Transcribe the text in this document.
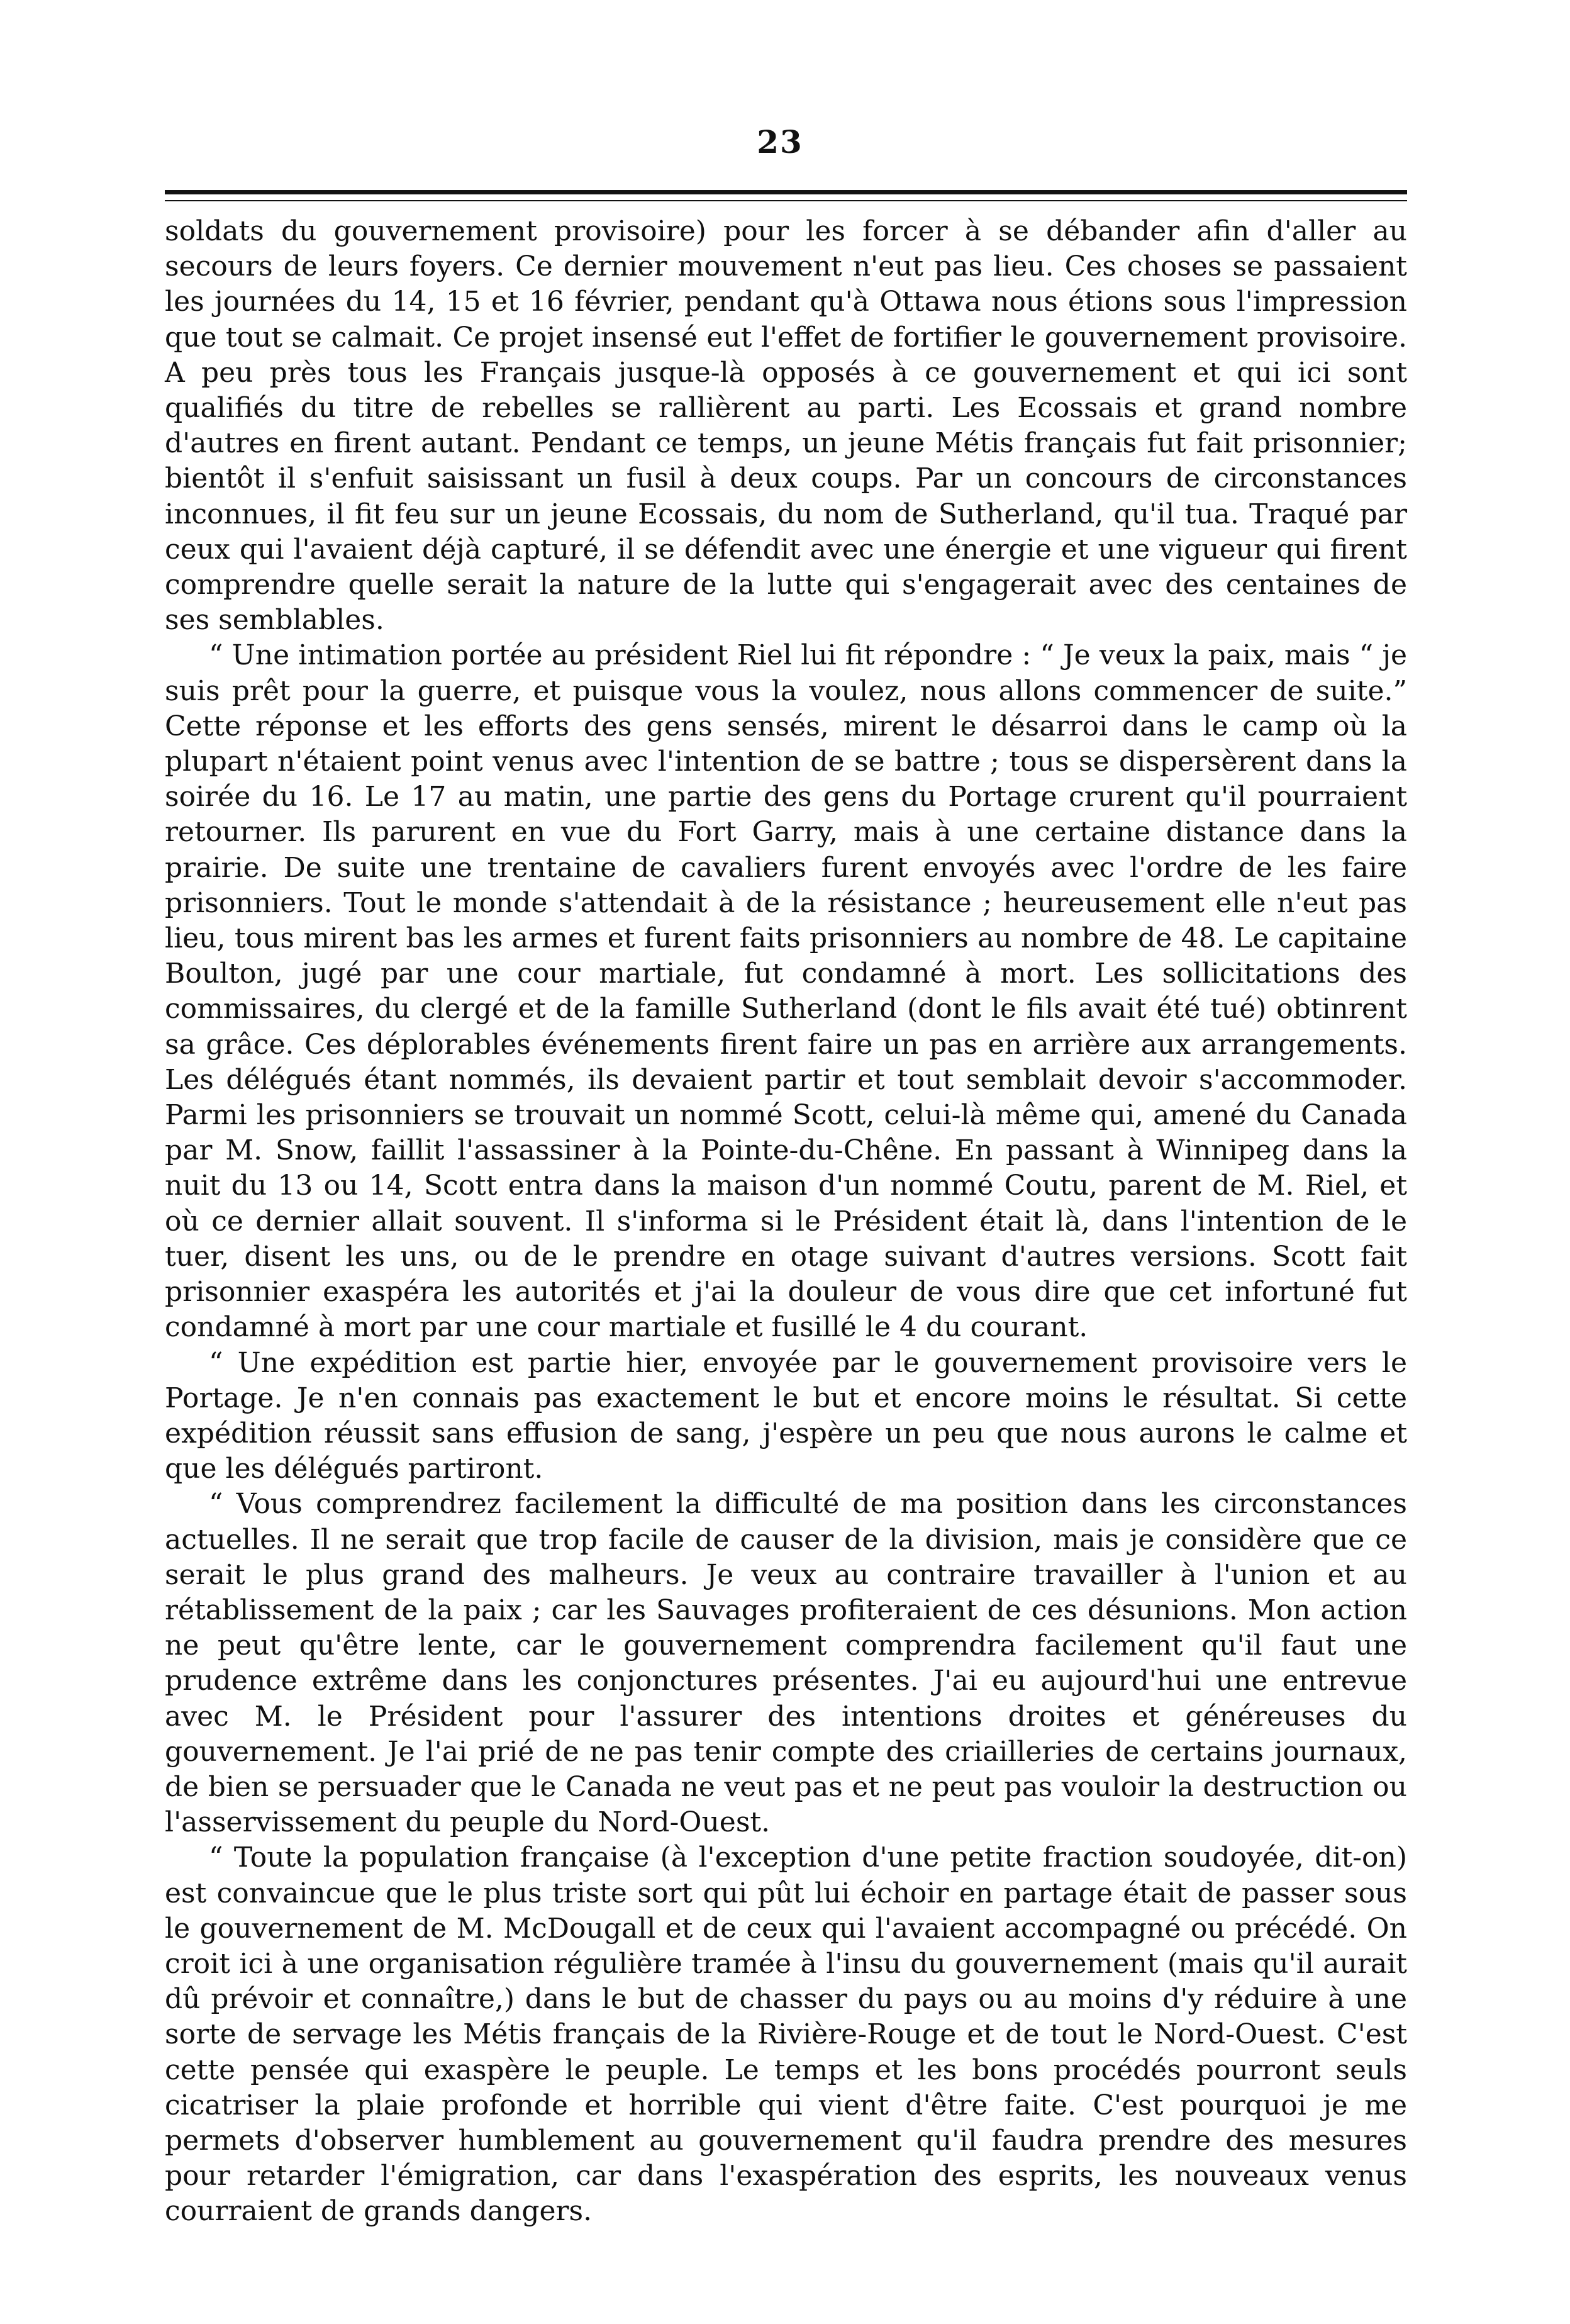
23

soldats du gouvernement provisoire) pour les forcer à se débander afin d'aller au secours de leurs foyers. Ce dernier mouvement n'eut pas lieu. Ces choses se passaient les journées du 14, 15 et 16 février, pendant qu'à Ottawa nous étions sous l'impression que tout se calmait. Ce projet insensé eut l'effet de fortifier le gouvernement provisoire. A peu près tous les Français jusque-là opposés à ce gouvernement et qui ici sont qualifiés du titre de rebelles se rallièrent au parti. Les Ecossais et grand nombre d'autres en firent autant. Pendant ce temps, un jeune Métis français fut fait prisonnier; bientôt il s'enfuit saisissant un fusil à deux coups. Par un concours de circonstances inconnues, il fit feu sur un jeune Ecossais, du nom de Sutherland, qu'il tua. Traqué par ceux qui l'avaient déjà capturé, il se défendit avec une énergie et une vigueur qui firent comprendre quelle serait la nature de la lutte qui s'engagerait avec des centaines de ses semblables.

“ Une intimation portée au président Riel lui fit répondre : “ Je veux la paix, mais “ je suis prêt pour la guerre, et puisque vous la voulez, nous allons commencer de suite.” Cette réponse et les efforts des gens sensés, mirent le désarroi dans le camp où la plupart n'étaient point venus avec l'intention de se battre ; tous se dispersèrent dans la soirée du 16. Le 17 au matin, une partie des gens du Portage crurent qu'il pourraient retourner. Ils parurent en vue du Fort Garry, mais à une certaine distance dans la prairie. De suite une trentaine de cavaliers furent envoyés avec l'ordre de les faire prisonniers. Tout le monde s'attendait à de la résistance ; heureusement elle n'eut pas lieu, tous mirent bas les armes et furent faits prisonniers au nombre de 48. Le capitaine Boulton, jugé par une cour martiale, fut condamné à mort. Les sollicitations des commissaires, du clergé et de la famille Sutherland (dont le fils avait été tué) obtinrent sa grâce. Ces déplorables événements firent faire un pas en arrière aux arrangements. Les délégués étant nommés, ils devaient partir et tout semblait devoir s'accommoder. Parmi les prisonniers se trouvait un nommé Scott, celui-là même qui, amené du Canada par M. Snow, faillit l'assassiner à la Pointe-du-Chêne. En passant à Winnipeg dans la nuit du 13 ou 14, Scott entra dans la maison d'un nommé Coutu, parent de M. Riel, et où ce dernier allait souvent. Il s'informa si le Président était là, dans l'intention de le tuer, disent les uns, ou de le prendre en otage suivant d'autres versions. Scott fait prisonnier exaspéra les autorités et j'ai la douleur de vous dire que cet infortuné fut condamné à mort par une cour martiale et fusillé le 4 du courant.

“ Une expédition est partie hier, envoyée par le gouvernement provisoire vers le Portage. Je n'en connais pas exactement le but et encore moins le résultat. Si cette expédition réussit sans effusion de sang, j'espère un peu que nous aurons le calme et que les délégués partiront.

“ Vous comprendrez facilement la difficulté de ma position dans les circonstances actuelles. Il ne serait que trop facile de causer de la division, mais je considère que ce serait le plus grand des malheurs. Je veux au contraire travailler à l'union et au rétablissement de la paix ; car les Sauvages profiteraient de ces désunions. Mon action ne peut qu'être lente, car le gouvernement comprendra facilement qu'il faut une prudence extrême dans les conjonctures présentes. J'ai eu aujourd'hui une entrevue avec M. le Président pour l'assurer des intentions droites et généreuses du gouvernement. Je l'ai prié de ne pas tenir compte des criailleries de certains journaux, de bien se persuader que le Canada ne veut pas et ne peut pas vouloir la destruction ou l'asservissement du peuple du Nord-Ouest.

“ Toute la population française (à l'exception d'une petite fraction soudoyée, dit-on) est convaincue que le plus triste sort qui pût lui échoir en partage était de passer sous le gouvernement de M. McDougall et de ceux qui l'avaient accompagné ou précédé. On croit ici à une organisation régulière tramée à l'insu du gouvernement (mais qu'il aurait dû prévoir et connaître,) dans le but de chasser du pays ou au moins d'y réduire à une sorte de servage les Métis français de la Rivière-Rouge et de tout le Nord-Ouest. C'est cette pensée qui exaspère le peuple. Le temps et les bons procédés pourront seuls cicatriser la plaie profonde et horrible qui vient d'être faite. C'est pourquoi je me permets d'observer humblement au gouvernement qu'il faudra prendre des mesures pour retarder l'émigration, car dans l'exaspération des esprits, les nouveaux venus courraient de grands dangers.
